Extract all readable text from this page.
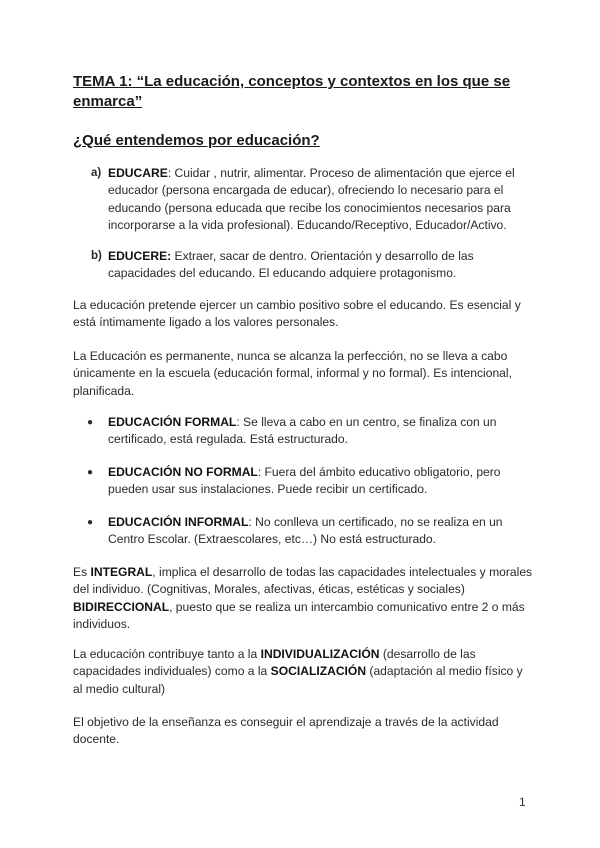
TEMA 1: “La educación, conceptos y contextos en los que se enmarca”
¿Qué entendemos por educación?
a) EDUCARE: Cuidar , nutrir, alimentar. Proceso de alimentación que ejerce el educador (persona encargada de educar), ofreciendo lo necesario para el educando (persona educada que recibe los conocimientos necesarios para incorporarse a la vida profesional). Educando/Receptivo, Educador/Activo.
b) EDUCERE: Extraer, sacar de dentro. Orientación y desarrollo de las capacidades del educando. El educando adquiere protagonismo.
La educación pretende ejercer un cambio positivo sobre el educando. Es esencial y está íntimamente ligado a los valores personales.
La Educación es permanente, nunca se alcanza la perfección, no se lleva a cabo únicamente en la escuela (educación formal, informal y no formal). Es intencional, planificada.
● EDUCACIÓN FORMAL: Se lleva a cabo en un centro, se finaliza con un certificado, está regulada. Está estructurado.
● EDUCACIÓN NO FORMAL: Fuera del ámbito educativo obligatorio, pero pueden usar sus instalaciones. Puede recibir un certificado.
● EDUCACIÓN INFORMAL: No conlleva un certificado, no se realiza en un Centro Escolar. (Extraescolares, etc…) No está estructurado.
Es INTEGRAL, implica el desarrollo de todas las capacidades intelectuales y morales del individuo. (Cognitivas, Morales, afectivas, éticas, estéticas y sociales) BIDIRECCIONAL, puesto que se realiza un intercambio comunicativo entre 2 o más individuos.
La educación contribuye tanto a la INDIVIDUALIZACIÓN (desarrollo de las capacidades individuales) como a la SOCIALIZACIÓN (adaptación al medio físico y al medio cultural)
El objetivo de la enseñanza es conseguir el aprendizaje a través de la actividad docente.
1
